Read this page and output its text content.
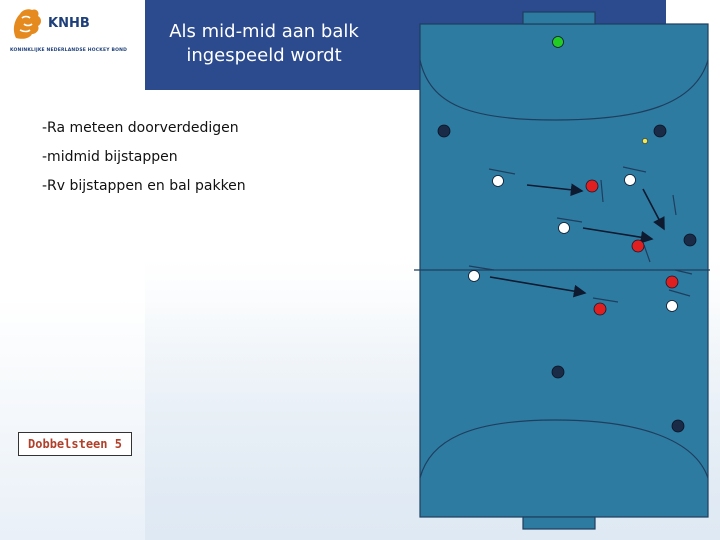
KNHB
KONINKLIJKE NEDERLANDSE HOCKEY BOND
Als mid-mid aan balk
ingespeeld wordt
-Ra meteen doorverdedigen
-midmid bijstappen
-Rv bijstappen en bal pakken
Dobbelsteen 5
